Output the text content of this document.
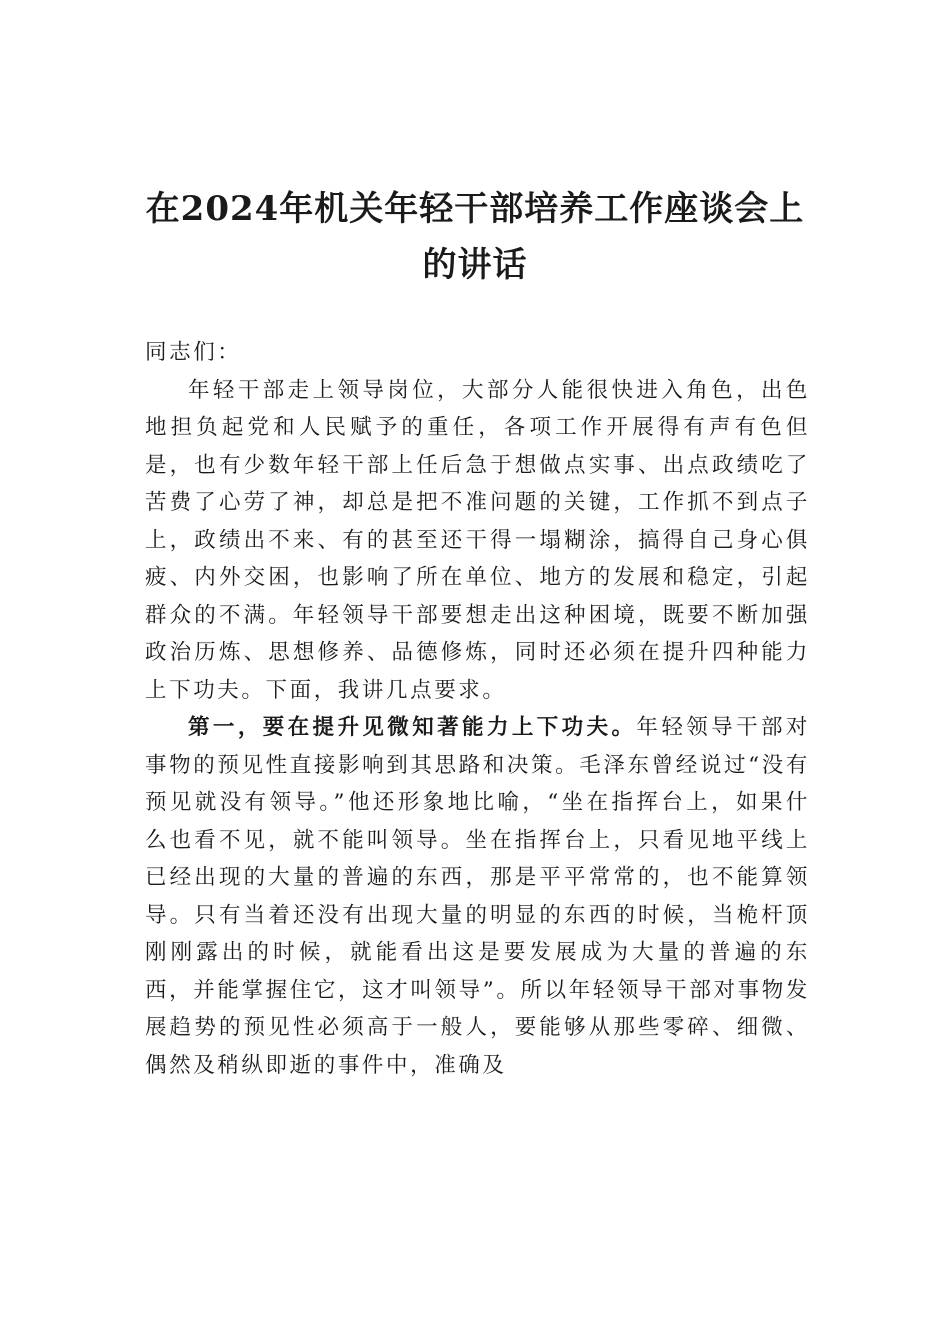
在2024年机关年轻干部培养工作座谈会上
的讲话

同志们：

年轻干部走上领导岗位，大部分人能很快进入角色，出色地担负起党和人民赋予的重任，各项工作开展得有声有色但是，也有少数年轻干部上任后急于想做点实事、出点政绩吃了苦费了心劳了神，却总是把不准问题的关键，工作抓不到点子上，政绩出不来、有的甚至还干得一塌糊涂，搞得自己身心俱疲、内外交困，也影响了所在单位、地方的发展和稳定，引起群众的不满。年轻领导干部要想走出这种困境，既要不断加强政治历炼、思想修养、品德修炼，同时还必须在提升四种能力上下功夫。下面，我讲几点要求。

第一，要在提升见微知著能力上下功夫。年轻领导干部对事物的预见性直接影响到其思路和决策。毛泽东曾经说过“没有预见就没有领导。”他还形象地比喻，“坐在指挥台上，如果什么也看不见，就不能叫领导。坐在指挥台上，只看见地平线上已经出现的大量的普遍的东西，那是平平常常的，也不能算领导。只有当着还没有出现大量的明显的东西的时候，当桅杆顶刚刚露出的时候，就能看出这是要发展成为大量的普遍的东西，并能掌握住它，这才叫领导”。所以年轻领导干部对事物发展趋势的预见性必须高于一般人，要能够从那些零碎、细微、偶然及稍纵即逝的事件中，准确及
